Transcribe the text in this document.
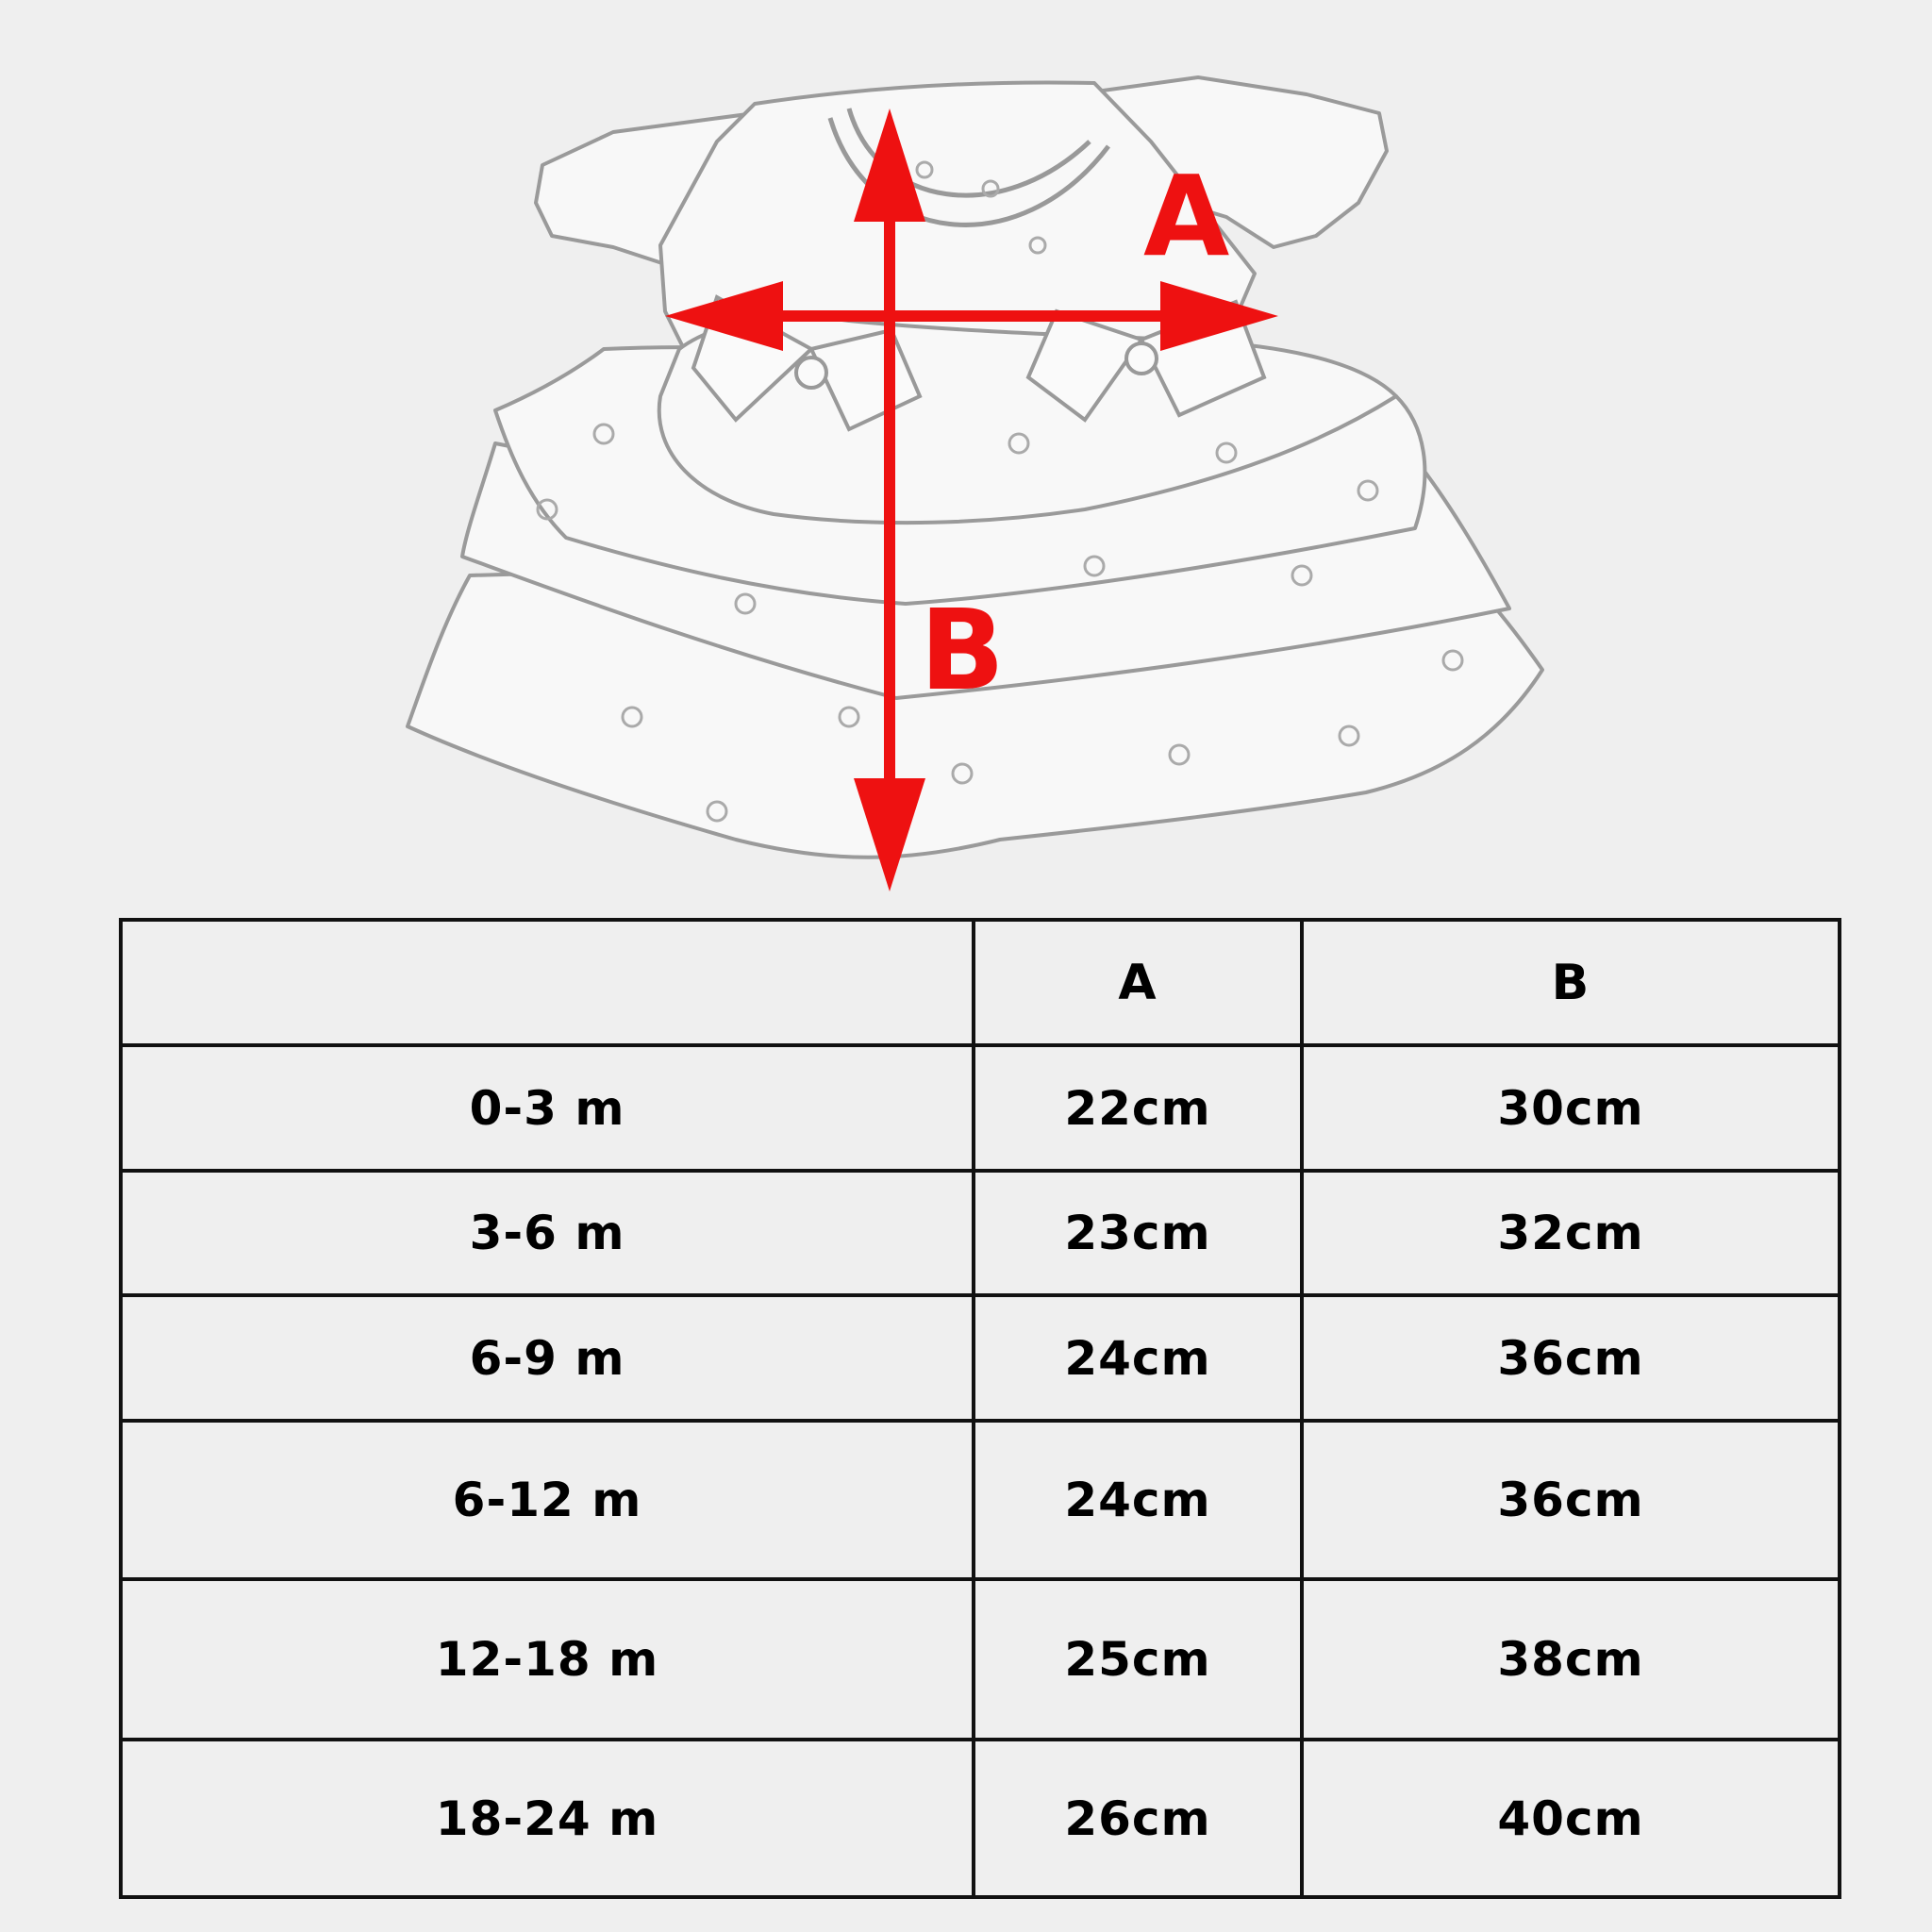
A
B
	A	B
0-3 m	22cm	30cm
3-6 m	23cm	32cm
6-9 m	24cm	36cm
6-12 m	24cm	36cm
12-18 m	25cm	38cm
18-24 m	26cm	40cm
